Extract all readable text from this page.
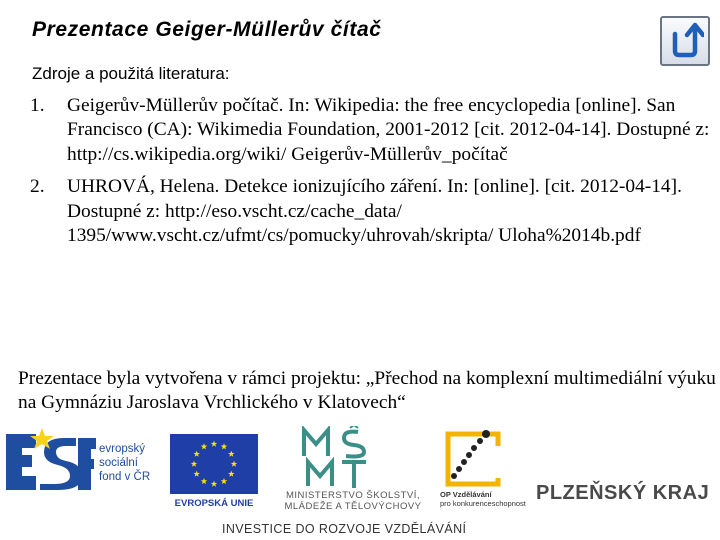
Prezentace Geiger-Müllerův čítač

Zdroje a použitá literatura:

1. Geigerův-Müllerův počítač. In: Wikipedia: the free encyclopedia [online]. San Francisco (CA): Wikimedia Foundation, 2001-2012 [cit. 2012-04-14]. Dostupné z: http://cs.wikipedia.org/wiki/ Geigerův-Müllerův_počítač
2. UHROVÁ, Helena. Detekce ionizujícího záření. In: [online]. [cit. 2012-04-14]. Dostupné z: http://eso.vscht.cz/cache_data/ 1395/www.vscht.cz/ufmt/cs/pomucky/uhrovah/skripta/ Uloha%2014b.pdf

Prezentace byla vytvořena v rámci projektu: „Přechod na komplexní multimediální výuku na Gymnáziu Jaroslava Vrchlického v Klatovech“

evropský
sociální
fond v ČR
EVROPSKÁ UNIE
MINISTERSTVO ŠKOLSTVÍ,
MLÁDEŽE A TĚLOVÝCHOVY
OP Vzdělávání
pro konkurenceschopnost PLZEŇSKÝ KRAJ
INVESTICE DO ROZVOJE VZDĚLÁVÁNÍ
